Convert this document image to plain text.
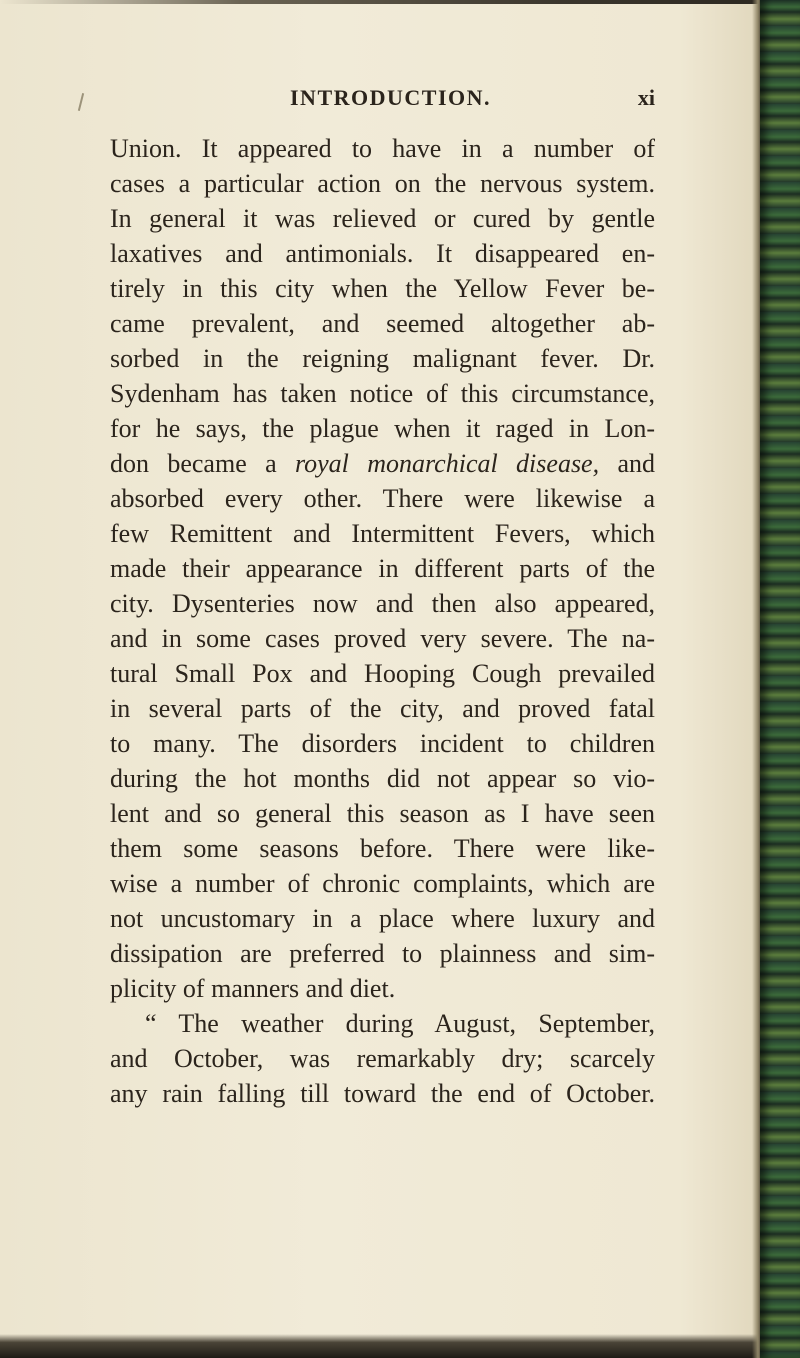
INTRODUCTION.	xi
Union. It appeared to have in a number of
cases a particular action on the nervous system.
In general it was relieved or cured by gentle
laxatives and antimonials. It disappeared en-
tirely in this city when the Yellow Fever be-
came prevalent, and seemed altogether ab-
sorbed in the reigning malignant fever. Dr.
Sydenham has taken notice of this circumstance,
for he says, the plague when it raged in Lon-
don became a royal monarchical disease, and
absorbed every other. There were likewise a
few Remittent and Intermittent Fevers, which
made their appearance in different parts of the
city. Dysenteries now and then also appeared,
and in some cases proved very severe. The na-
tural Small Pox and Hooping Cough prevailed
in several parts of the city, and proved fatal
to many. The disorders incident to children
during the hot months did not appear so vio-
lent and so general this season as I have seen
them some seasons before. There were like-
wise a number of chronic complaints, which are
not uncustomary in a place where luxury and
dissipation are preferred to plainness and sim-
plicity of manners and diet.
“ The weather during August, September,
and October, was remarkably dry; scarcely
any rain falling till toward the end of October.
